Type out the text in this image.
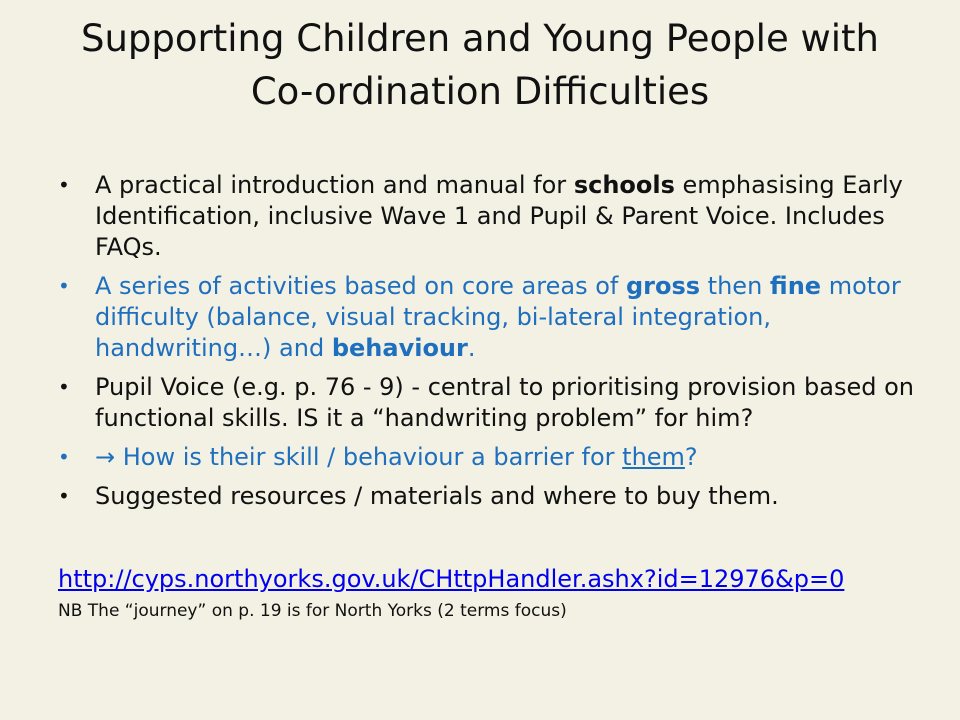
Supporting Children and Young People with
Co-ordination Difficulties
• A practical introduction and manual for schools emphasising Early Identification, inclusive Wave 1 and Pupil & Parent Voice. Includes FAQs.
• A series of activities based on core areas of gross then fine motor difficulty (balance, visual tracking, bi-lateral integration, handwriting…) and behaviour.
• Pupil Voice (e.g. p. 76 - 9) - central to prioritising provision based on functional skills. IS it a “handwriting problem” for him?
• → How is their skill / behaviour a barrier for them?
• Suggested resources / materials and where to buy them.
http://cyps.northyorks.gov.uk/CHttpHandler.ashx?id=12976&p=0
NB The “journey” on p. 19 is for North Yorks (2 terms focus)
